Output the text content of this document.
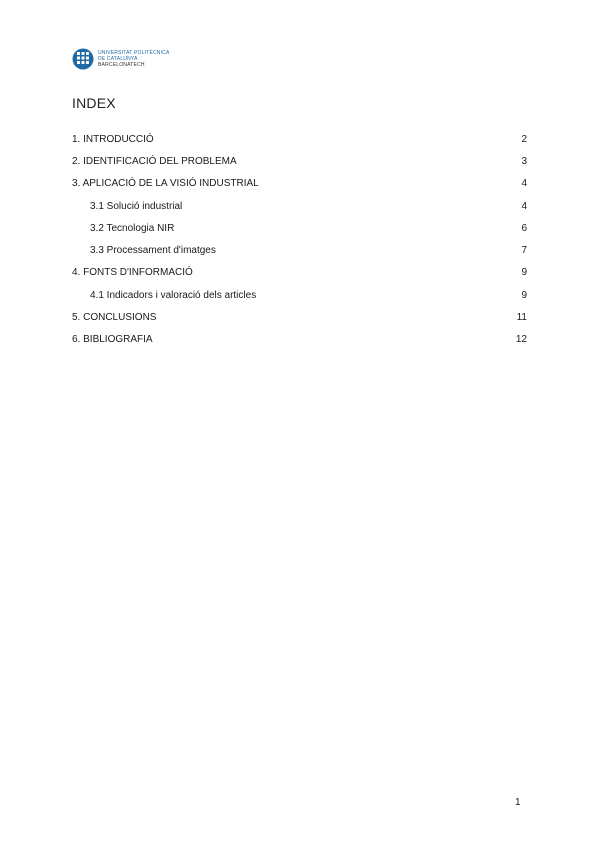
UNIVERSITAT POLITÈCNICA
DE CATALUNYA
BARCELONATECH
INDEX
1. INTRODUCCIÓ	2
2. IDENTIFICACIÓ DEL PROBLEMA	3
3. APLICACIÓ DE LA VISIÓ INDUSTRIAL	4
3.1 Solució industrial	4
3.2 Tecnologia NIR	6
3.3 Processament d'imatges	7
4. FONTS D'INFORMACIÓ	9
4.1 Indicadors i valoració dels articles	9
5. CONCLUSIONS	11
6. BIBLIOGRAFIA	12
1
